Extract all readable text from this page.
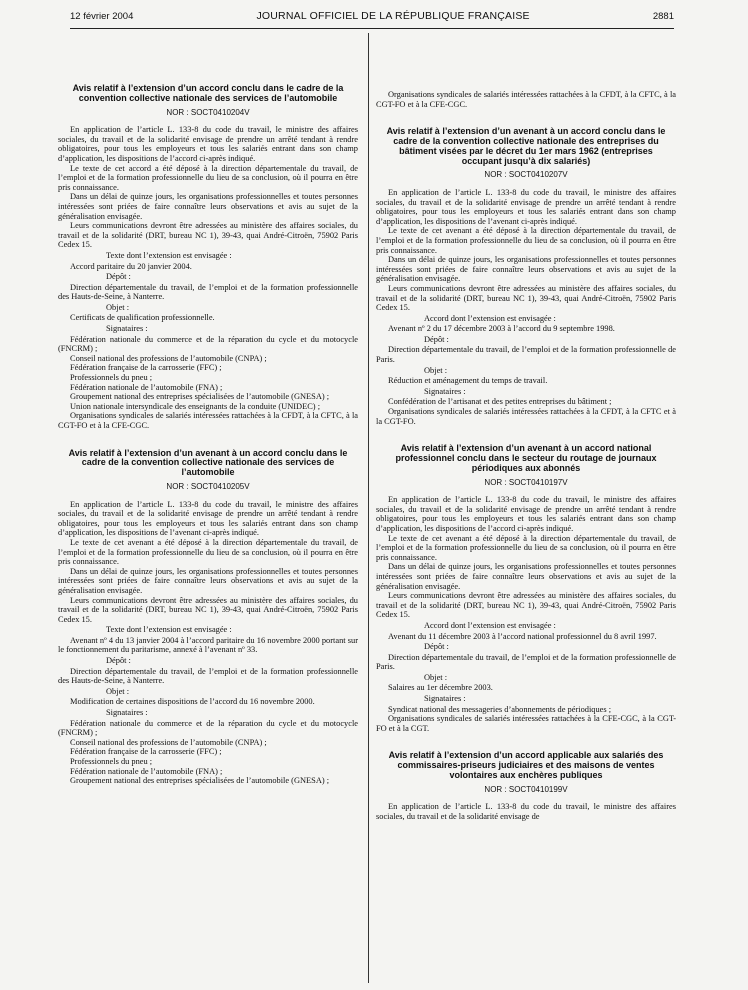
12 février 2004	JOURNAL OFFICIEL DE LA RÉPUBLIQUE FRANÇAISE	2881
Avis relatif à l’extension d’un accord conclu dans le cadre de la convention collective nationale des services de l’automobile
NOR : SOCT0410204V

En application de l’article L. 133-8 du code du travail, le ministre des affaires sociales, du travail et de la solidarité envisage de prendre un arrêté tendant à rendre obligatoires, pour tous les employeurs et tous les salariés entrant dans son champ d’application, les dispositions de l’accord ci-après indiqué.

Le texte de cet accord a été déposé à la direction départementale du travail, de l’emploi et de la formation professionnelle du lieu de sa conclusion, où il pourra en être pris connaissance.

Dans un délai de quinze jours, les organisations professionnelles et toutes personnes intéressées sont priées de faire connaître leurs observations et avis au sujet de la généralisation envisagée.

Leurs communications devront être adressées au ministère des affaires sociales, du travail et de la solidarité (DRT, bureau NC 1), 39-43, quai André-Citroën, 75902 Paris Cedex 15.

Texte dont l’extension est envisagée :

Accord paritaire du 20 janvier 2004.

Dépôt :

Direction départementale du travail, de l’emploi et de la formation professionnelle des Hauts-de-Seine, à Nanterre.

Objet :

Certificats de qualification professionnelle.

Signataires :

Fédération nationale du commerce et de la réparation du cycle et du motocycle (FNCRM) ;

Conseil national des professions de l’automobile (CNPA) ;

Fédération française de la carrosserie (FFC) ;

Professionnels du pneu ;

Fédération nationale de l’automobile (FNA) ;

Groupement national des entreprises spécialisées de l’automobile (GNESA) ;

Union nationale intersyndicale des enseignants de la conduite (UNIDEC) ;

Organisations syndicales de salariés intéressées rattachées à la CFDT, à la CFTC, à la CGT-FO et à la CFE-CGC.

Avis relatif à l’extension d’un avenant à un accord conclu dans le cadre de la convention collective nationale des services de l’automobile
NOR : SOCT0410205V

En application de l’article L. 133-8 du code du travail, le ministre des affaires sociales, du travail et de la solidarité envisage de prendre un arrêté tendant à rendre obligatoires, pour tous les employeurs et tous les salariés entrant dans son champ d’application, les dispositions de l’avenant ci-après indiqué.

Le texte de cet avenant a été déposé à la direction départementale du travail, de l’emploi et de la formation professionnelle du lieu de sa conclusion, où il pourra en être pris connaissance.

Dans un délai de quinze jours, les organisations professionnelles et toutes personnes intéressées sont priées de faire connaître leurs observations et avis au sujet de la généralisation envisagée.

Leurs communications devront être adressées au ministère des affaires sociales, du travail et de la solidarité (DRT, bureau NC 1), 39-43, quai André-Citroën, 75902 Paris Cedex 15.

Texte dont l’extension est envisagée :

Avenant nº 4 du 13 janvier 2004 à l’accord paritaire du 16 novembre 2000 portant sur le fonctionnement du paritarisme, annexé à l’avenant nº 33.

Dépôt :

Direction départementale du travail, de l’emploi et de la formation professionnelle des Hauts-de-Seine, à Nanterre.

Objet :

Modification de certaines dispositions de l’accord du 16 novembre 2000.

Signataires :

Fédération nationale du commerce et de la réparation du cycle et du motocycle (FNCRM) ;

Conseil national des professions de l’automobile (CNPA) ;

Fédération française de la carrosserie (FFC) ;

Professionnels du pneu ;

Fédération nationale de l’automobile (FNA) ;

Groupement national des entreprises spécialisées de l’automobile (GNESA) ;

Organisations syndicales de salariés intéressées rattachées à la CFDT, à la CFTC, à la CGT-FO et à la CFE-CGC.

Avis relatif à l’extension d’un avenant à un accord conclu dans le cadre de la convention collective nationale des entreprises du bâtiment visées par le décret du 1er mars 1962 (entreprises occupant jusqu’à dix salariés)
NOR : SOCT0410207V

En application de l’article L. 133-8 du code du travail, le ministre des affaires sociales, du travail et de la solidarité envisage de prendre un arrêté tendant à rendre obligatoires, pour tous les employeurs et tous les salariés entrant dans son champ d’application, les dispositions de l’avenant ci-après indiqué.

Le texte de cet avenant a été déposé à la direction départementale du travail, de l’emploi et de la formation professionnelle du lieu de sa conclusion, où il pourra en être pris connaissance.

Dans un délai de quinze jours, les organisations professionnelles et toutes personnes intéressées sont priées de faire connaître leurs observations et avis au sujet de la généralisation envisagée.

Leurs communications devront être adressées au ministère des affaires sociales, du travail et de la solidarité (DRT, bureau NC 1), 39-43, quai André-Citroën, 75902 Paris Cedex 15.

Accord dont l’extension est envisagée :

Avenant nº 2 du 17 décembre 2003 à l’accord du 9 septembre 1998.

Dépôt :

Direction départementale du travail, de l’emploi et de la formation professionnelle de Paris.

Objet :

Réduction et aménagement du temps de travail.

Signataires :

Confédération de l’artisanat et des petites entreprises du bâtiment ;

Organisations syndicales de salariés intéressées rattachées à la CFDT, à la CFTC et à la CGT-FO.

Avis relatif à l’extension d’un avenant à un accord national professionnel conclu dans le secteur du routage de journaux périodiques aux abonnés
NOR : SOCT0410197V

En application de l’article L. 133-8 du code du travail, le ministre des affaires sociales, du travail et de la solidarité envisage de prendre un arrêté tendant à rendre obligatoires, pour tous les employeurs et tous les salariés entrant dans son champ d’application, les dispositions de l’accord ci-après indiqué.

Le texte de cet avenant a été déposé à la direction départementale du travail, de l’emploi et de la formation professionnelle du lieu de sa conclusion, où il pourra en être pris connaissance.

Dans un délai de quinze jours, les organisations professionnelles et toutes personnes intéressées sont priées de faire connaître leurs observations et avis au sujet de la généralisation envisagée.

Leurs communications devront être adressées au ministère des affaires sociales, du travail et de la solidarité (DRT, bureau NC 1), 39-43, quai André-Citroën, 75902 Paris Cedex 15.

Accord dont l’extension est envisagée :

Avenant du 11 décembre 2003 à l’accord national professionnel du 8 avril 1997.

Dépôt :

Direction départementale du travail, de l’emploi et de la formation professionnelle de Paris.

Objet :

Salaires au 1er décembre 2003.

Signataires :

Syndicat national des messageries d’abonnements de périodiques ;

Organisations syndicales de salariés intéressées rattachées à la CFE-CGC, à la CGT-FO et à la CGT.

Avis relatif à l’extension d’un accord applicable aux salariés des commissaires-priseurs judiciaires et des maisons de ventes volontaires aux enchères publiques
NOR : SOCT0410199V

En application de l’article L. 133-8 du code du travail, le ministre des affaires sociales, du travail et de la solidarité envisage de
